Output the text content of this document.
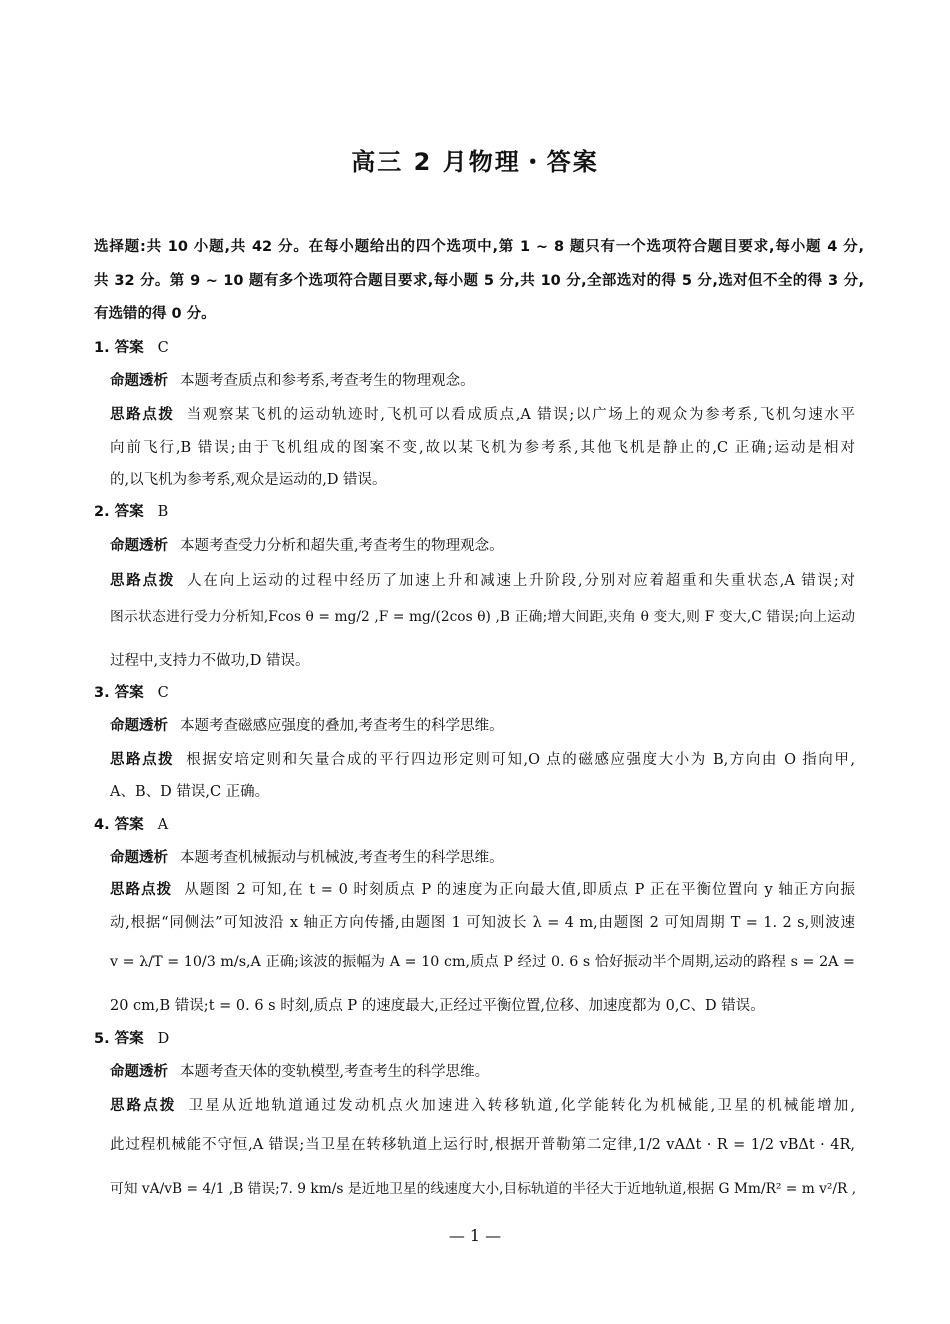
高三 2 月物理・答案
选择题:共 10 小题,共 42 分。在每小题给出的四个选项中,第 1 ~ 8 题只有一个选项符合题目要求,每小题 4 分,
共 32 分。第 9 ~ 10 题有多个选项符合题目要求,每小题 5 分,共 10 分,全部选对的得 5 分,选对但不全的得 3 分,
有选错的得 0 分。
1. 答案 C
命题透析 本题考查质点和参考系,考查考生的物理观念。
思路点拨 当观察某飞机的运动轨迹时,飞机可以看成质点,A 错误;以广场上的观众为参考系,飞机匀速水平
向前飞行,B 错误;由于飞机组成的图案不变,故以某飞机为参考系,其他飞机是静止的,C 正确;运动是相对
的,以飞机为参考系,观众是运动的,D 错误。
2. 答案 B
命题透析 本题考查受力分析和超失重,考查考生的物理观念。
思路点拨 人在向上运动的过程中经历了加速上升和减速上升阶段,分别对应着超重和失重状态,A 错误;对
图示状态进行受力分析知,Fcos θ = mg/2 ,F = mg/(2cos θ) ,B 正确;增大间距,夹角 θ 变大,则 F 变大,C 错误;向上运动
过程中,支持力不做功,D 错误。
3. 答案 C
命题透析 本题考查磁感应强度的叠加,考查考生的科学思维。
思路点拨 根据安培定则和矢量合成的平行四边形定则可知,O 点的磁感应强度大小为 B,方向由 O 指向甲,
A、B、D 错误,C 正确。
4. 答案 A
命题透析 本题考查机械振动与机械波,考查考生的科学思维。
思路点拨 从题图 2 可知,在 t = 0 时刻质点 P 的速度为正向最大值,即质点 P 正在平衡位置向 y 轴正方向振
动,根据“同侧法”可知波沿 x 轴正方向传播,由题图 1 可知波长 λ = 4 m,由题图 2 可知周期 T = 1. 2 s,则波速
v = λ/T = 10/3 m/s,A 正确;该波的振幅为 A = 10 cm,质点 P 经过 0. 6 s 恰好振动半个周期,运动的路程 s = 2A =
20 cm,B 错误;t = 0. 6 s 时刻,质点 P 的速度最大,正经过平衡位置,位移、加速度都为 0,C、D 错误。
5. 答案 D
命题透析 本题考查天体的变轨模型,考查考生的科学思维。
思路点拨 卫星从近地轨道通过发动机点火加速进入转移轨道,化学能转化为机械能,卫星的机械能增加,
此过程机械能不守恒,A 错误;当卫星在转移轨道上运行时,根据开普勒第二定律,1/2 vAΔt · R = 1/2 vBΔt · 4R,
可知 vA/vB = 4/1 ,B 错误;7. 9 km/s 是近地卫星的线速度大小,目标轨道的半径大于近地轨道,根据 G Mm/R² = m v²/R ,
— 1 —
